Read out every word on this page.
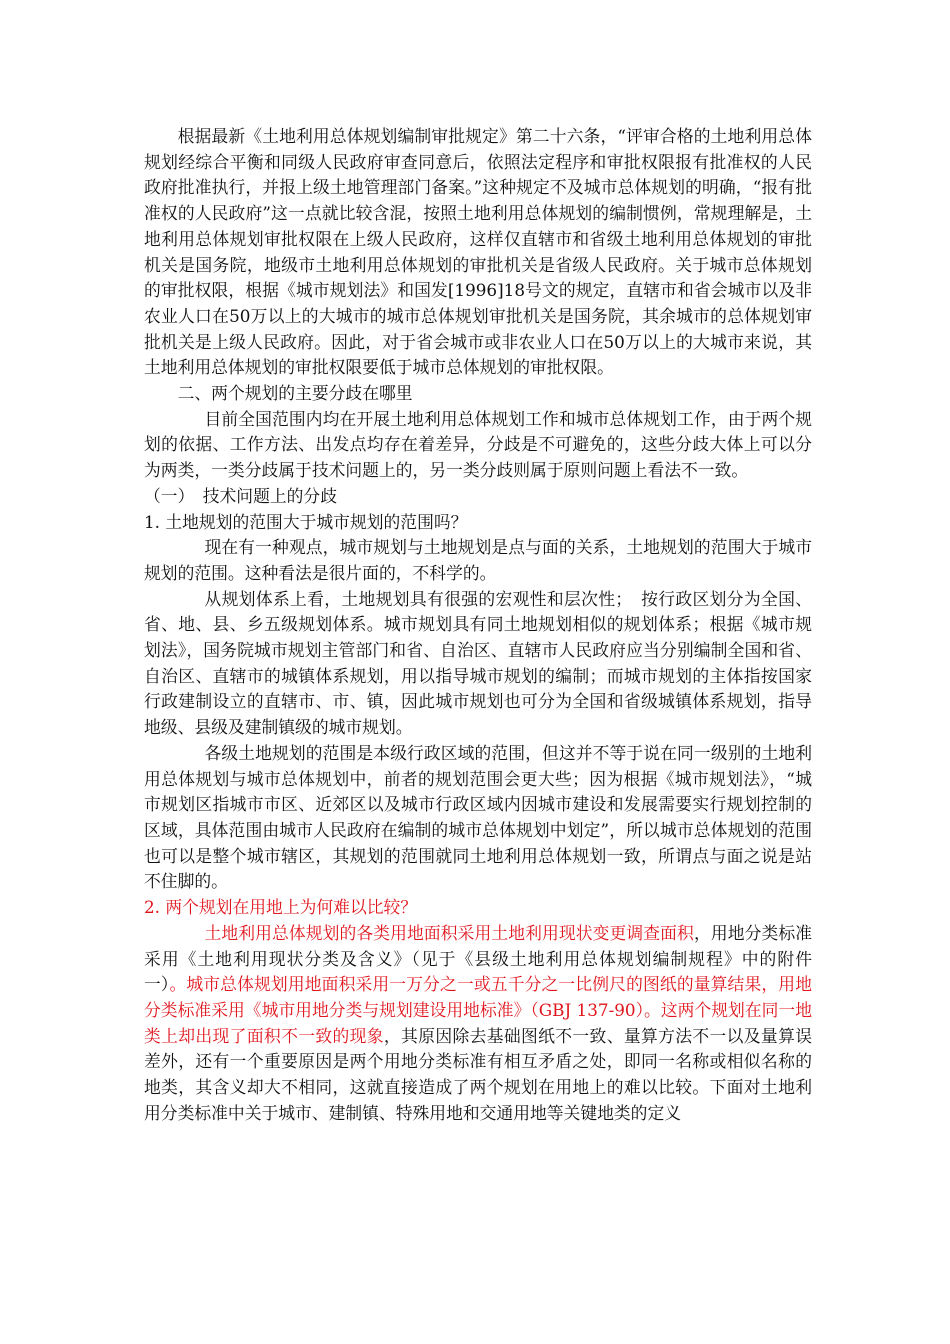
根据最新《土地利用总体规划编制审批规定》第二十六条，“评审合格的土地利用总体规划经综合平衡和同级人民政府审查同意后，依照法定程序和审批权限报有批准权的人民政府批准执行，并报上级土地管理部门备案。”这种规定不及城市总体规划的明确，“报有批准权的人民政府”这一点就比较含混，按照土地利用总体规划的编制惯例，常规理解是，土地利用总体规划审批权限在上级人民政府，这样仅直辖市和省级土地利用总体规划的审批机关是国务院，地级市土地利用总体规划的审批机关是省级人民政府。关于城市总体规划的审批权限，根据《城市规划法》和国发[1996]18号文的规定，直辖市和省会城市以及非农业人口在50万以上的大城市的城市总体规划审批机关是国务院，其余城市的总体规划审批机关是上级人民政府。因此，对于省会城市或非农业人口在50万以上的大城市来说，其土地利用总体规划的审批权限要低于城市总体规划的审批权限。

二、两个规划的主要分歧在哪里

目前全国范围内均在开展土地利用总体规划工作和城市总体规划工作，由于两个规划的依据、工作方法、出发点均存在着差异，分歧是不可避免的，这些分歧大体上可以分为两类，一类分歧属于技术问题上的，另一类分歧则属于原则问题上看法不一致。

（一）　技术问题上的分歧

1. 土地规划的范围大于城市规划的范围吗？

现在有一种观点，城市规划与土地规划是点与面的关系，土地规划的范围大于城市规划的范围。这种看法是很片面的，不科学的。

从规划体系上看，土地规划具有很强的宏观性和层次性；　按行政区划分为全国、省、地、县、乡五级规划体系。城市规划具有同土地规划相似的规划体系；根据《城市规划法》，国务院城市规划主管部门和省、自治区、直辖市人民政府应当分别编制全国和省、自治区、直辖市的城镇体系规划，用以指导城市规划的编制；而城市规划的主体指按国家行政建制设立的直辖市、市、镇，因此城市规划也可分为全国和省级城镇体系规划，指导地级、县级及建制镇级的城市规划。

各级土地规划的范围是本级行政区域的范围，但这并不等于说在同一级别的土地利用总体规划与城市总体规划中，前者的规划范围会更大些；因为根据《城市规划法》，“城市规划区指城市市区、近郊区以及城市行政区域内因城市建设和发展需要实行规划控制的区域，具体范围由城市人民政府在编制的城市总体规划中划定”，所以城市总体规划的范围也可以是整个城市辖区，其规划的范围就同土地利用总体规划一致，所谓点与面之说是站不住脚的。

2. 两个规划在用地上为何难以比较？

土地利用总体规划的各类用地面积采用土地利用现状变更调查面积，用地分类标准采用《土地利用现状分类及含义》（见于《县级土地利用总体规划编制规程》中的附件一）。城市总体规划用地面积采用一万分之一或五千分之一比例尺的图纸的量算结果，用地分类标准采用《城市用地分类与规划建设用地标准》（GBJ 137-90）。这两个规划在同一地类上却出现了面积不一致的现象，其原因除去基础图纸不一致、量算方法不一以及量算误差外，还有一个重要原因是两个用地分类标准有相互矛盾之处，即同一名称或相似名称的地类，其含义却大不相同，这就直接造成了两个规划在用地上的难以比较。下面对土地利用分类标准中关于城市、建制镇、特殊用地和交通用地等关键地类的定义
